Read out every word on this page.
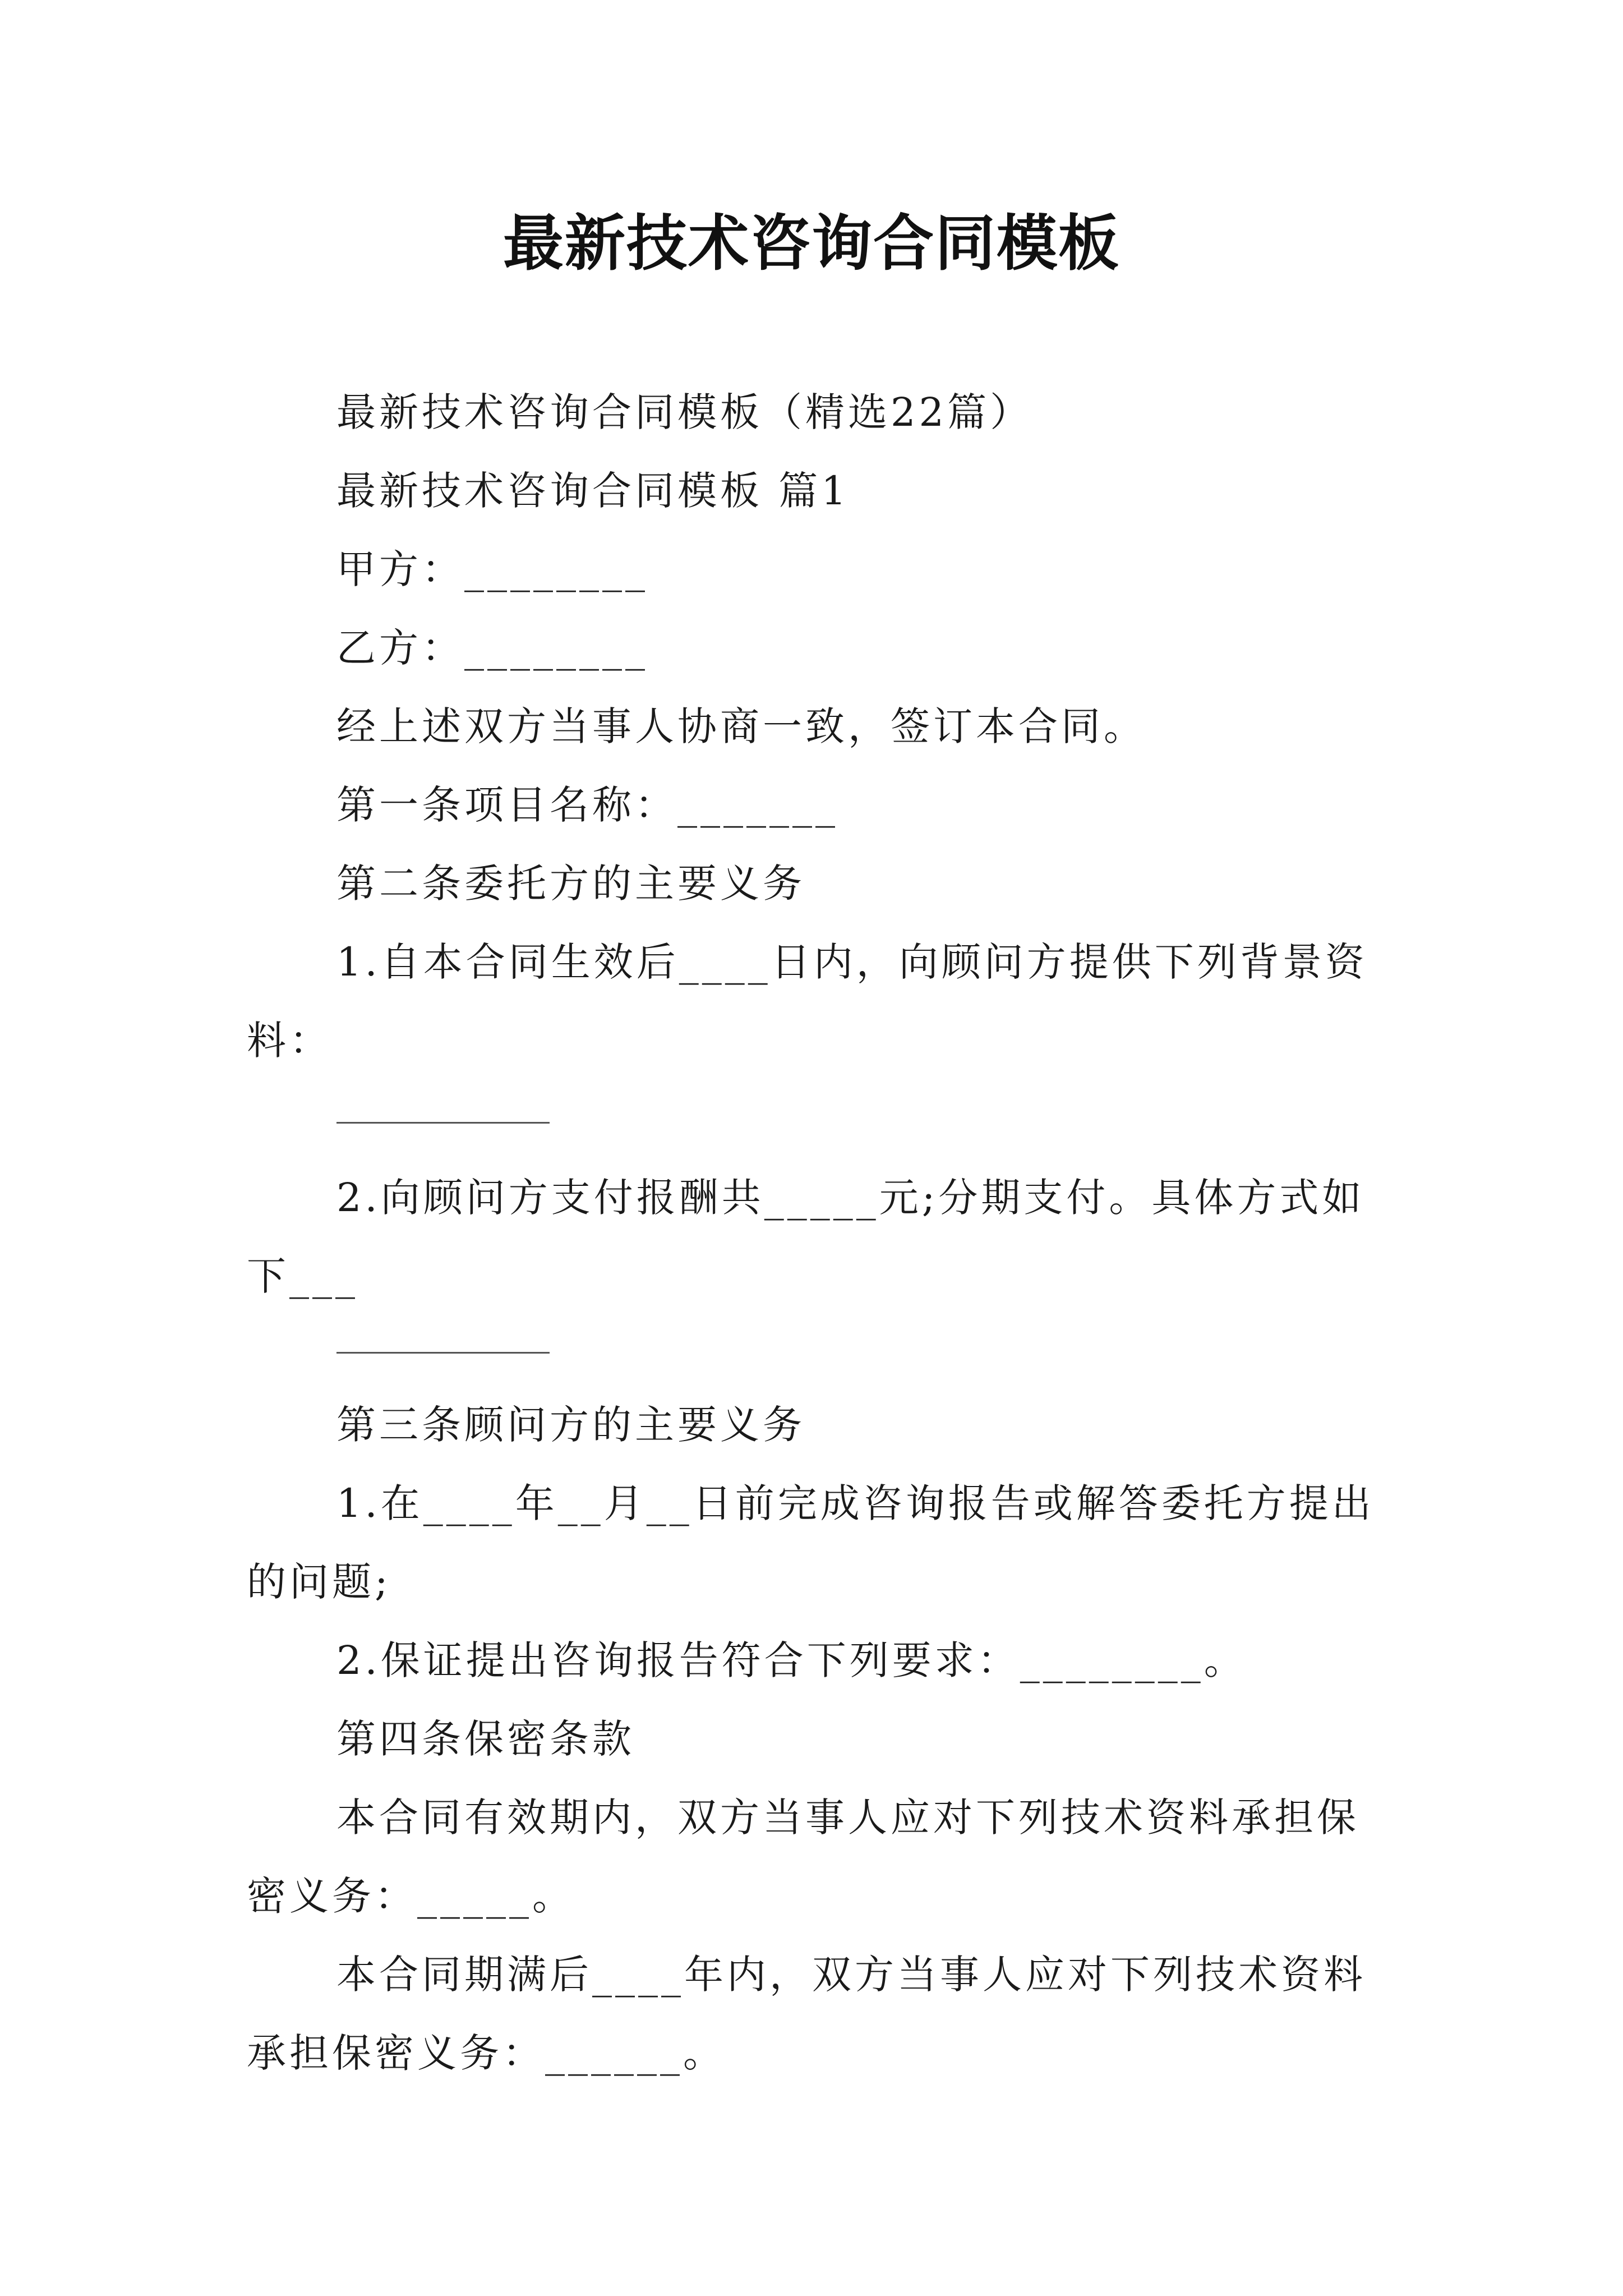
最新技术咨询合同模板
最新技术咨询合同模板（精选22篇）
最新技术咨询合同模板 篇1
甲方：________
乙方：________
经上述双方当事人协商一致，签订本合同。
第一条项目名称：_______
第二条委托方的主要义务
1.自本合同生效后____日内，向顾问方提供下列背景资料：
2.向顾问方支付报酬共_____元;分期支付。具体方式如下___
第三条顾问方的主要义务
1.在____年__月__日前完成咨询报告或解答委托方提出的问题;
2.保证提出咨询报告符合下列要求：________。
第四条保密条款
本合同有效期内，双方当事人应对下列技术资料承担保密义务：_____。
本合同期满后____年内，双方当事人应对下列技术资料承担保密义务：______。
